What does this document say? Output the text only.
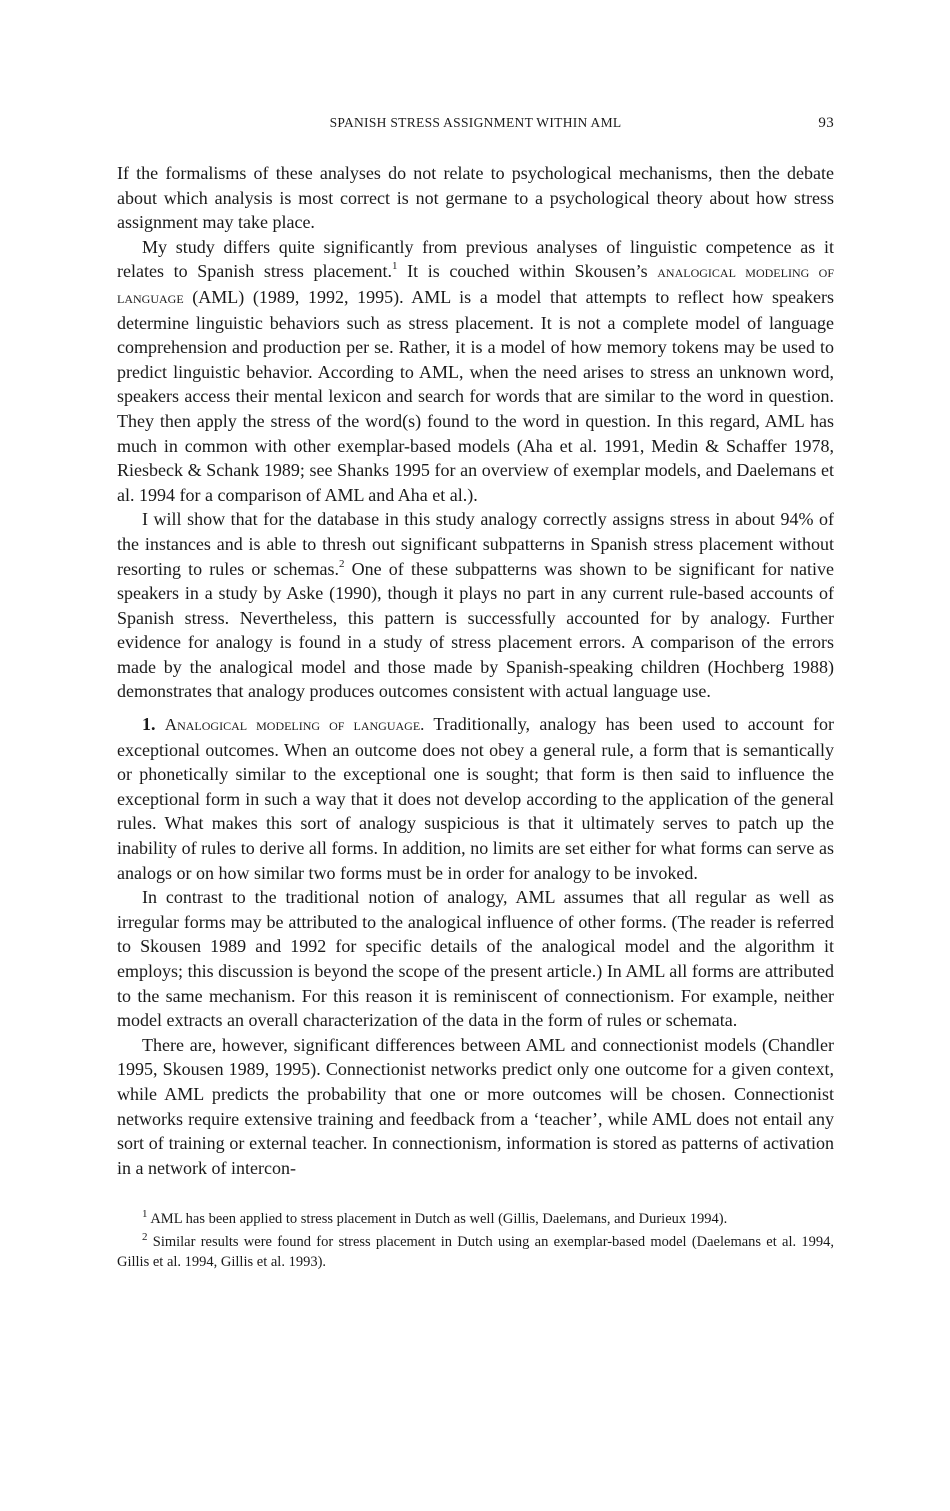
SPANISH STRESS ASSIGNMENT WITHIN AML	93

If the formalisms of these analyses do not relate to psychological mechanisms, then the debate about which analysis is most correct is not germane to a psychological theory about how stress assignment may take place.

My study differs quite significantly from previous analyses of linguistic competence as it relates to Spanish stress placement.$^1$ It is couched within Skousen’s analogical modeling of language (AML) (1989, 1992, 1995). AML is a model that attempts to reflect how speakers determine linguistic behaviors such as stress placement. It is not a complete model of language comprehension and production per se. Rather, it is a model of how memory tokens may be used to predict linguistic behavior. According to AML, when the need arises to stress an unknown word, speakers access their mental lexicon and search for words that are similar to the word in question. They then apply the stress of the word(s) found to the word in question. In this regard, AML has much in common with other exemplar-based models (Aha et al. 1991, Medin & Schaffer 1978, Riesbeck & Schank 1989; see Shanks 1995 for an overview of exemplar models, and Daelemans et al. 1994 for a comparison of AML and Aha et al.).

I will show that for the database in this study analogy correctly assigns stress in about 94% of the instances and is able to thresh out significant subpatterns in Spanish stress placement without resorting to rules or schemas.$^2$ One of these subpatterns was shown to be significant for native speakers in a study by Aske (1990), though it plays no part in any current rule-based accounts of Spanish stress. Nevertheless, this pattern is successfully accounted for by analogy. Further evidence for analogy is found in a study of stress placement errors. A comparison of the errors made by the analogical model and those made by Spanish-speaking children (Hochberg 1988) demonstrates that analogy produces outcomes consistent with actual language use.

1. Analogical modeling of language. Traditionally, analogy has been used to account for exceptional outcomes. When an outcome does not obey a general rule, a form that is semantically or phonetically similar to the exceptional one is sought; that form is then said to influence the exceptional form in such a way that it does not develop according to the application of the general rules. What makes this sort of analogy suspicious is that it ultimately serves to patch up the inability of rules to derive all forms. In addition, no limits are set either for what forms can serve as analogs or on how similar two forms must be in order for analogy to be invoked.

In contrast to the traditional notion of analogy, AML assumes that all regular as well as irregular forms may be attributed to the analogical influence of other forms. (The reader is referred to Skousen 1989 and 1992 for specific details of the analogical model and the algorithm it employs; this discussion is beyond the scope of the present article.) In AML all forms are attributed to the same mechanism. For this reason it is reminiscent of connectionism. For example, neither model extracts an overall characterization of the data in the form of rules or schemata.

There are, however, significant differences between AML and connectionist models (Chandler 1995, Skousen 1989, 1995). Connectionist networks predict only one outcome for a given context, while AML predicts the probability that one or more outcomes will be chosen. Connectionist networks require extensive training and feedback from a ‘teacher’, while AML does not entail any sort of training or external teacher. In connectionism, information is stored as patterns of activation in a network of intercon-

$^1$ AML has been applied to stress placement in Dutch as well (Gillis, Daelemans, and Durieux 1994).

$^2$ Similar results were found for stress placement in Dutch using an exemplar-based model (Daelemans et al. 1994, Gillis et al. 1994, Gillis et al. 1993).
